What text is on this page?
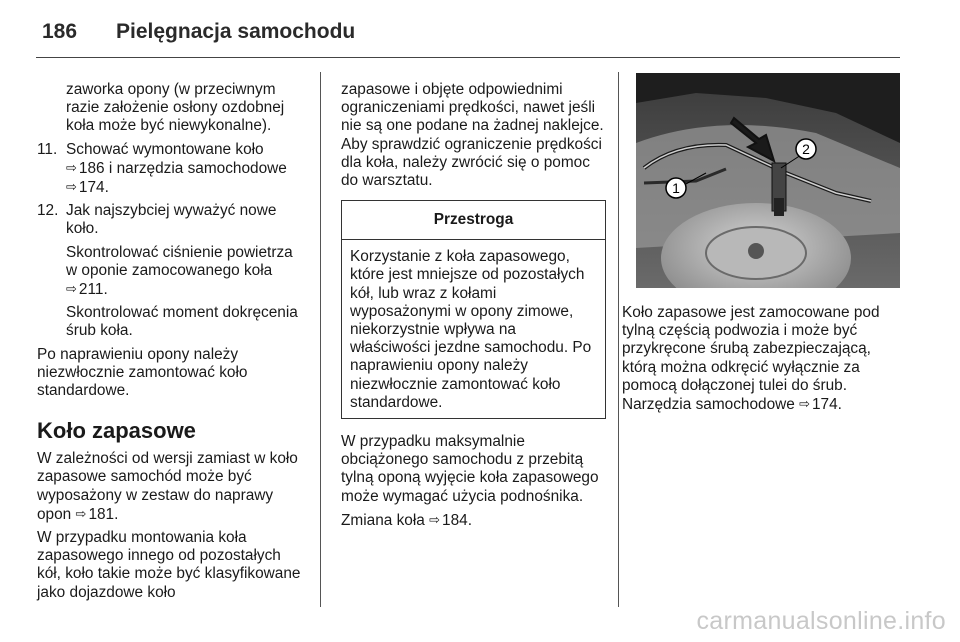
186 Pielęgnacja samochodu

zaworka opony (w przeciwnym razie założenie osłony ozdobnej koła może być niewykonalne).

11. Schować wymontowane koło
⇨ 186 i narzędzia samochodowe
⇨ 174.
12. Jak najszybciej wyważyć nowe koło.

Skontrolować ciśnienie powietrza w oponie zamocowanego koła
⇨ 211.

Skontrolować moment dokręcenia śrub koła.

Po naprawieniu opony należy niezwłocznie zamontować koło standardowe.

Koło zapasowe

W zależności od wersji zamiast w koło zapasowe samochód może być wyposażony w zestaw do naprawy opon ⇨ 181.

W przypadku montowania koła zapasowego innego od pozostałych kół, koło takie może być klasyfikowane jako dojazdowe koło

zapasowe i objęte odpowiednimi ograniczeniami prędkości, nawet jeśli nie są one podane na żadnej naklejce. Aby sprawdzić ograniczenie prędkości dla koła, należy zwrócić się o pomoc do warsztatu.

Przestroga
Korzystanie z koła zapasowego, które jest mniejsze od pozostałych kół, lub wraz z kołami wyposażonymi w opony zimowe, niekorzystnie wpływa na właściwości jezdne samochodu. Po naprawieniu opony należy niezwłocznie zamontować koło standardowe.

W przypadku maksymalnie obciążonego samochodu z przebitą tylną oponą wyjęcie koła zapasowego może wymagać użycia podnośnika.

Zmiana koła ⇨ 184.

1
2

Koło zapasowe jest zamocowane pod tylną częścią podwozia i może być przykręcone śrubą zabezpieczającą, którą można odkręcić wyłącznie za pomocą dołączonej tulei do śrub. Narzędzia samochodowe ⇨ 174.

carmanualsonline.info
